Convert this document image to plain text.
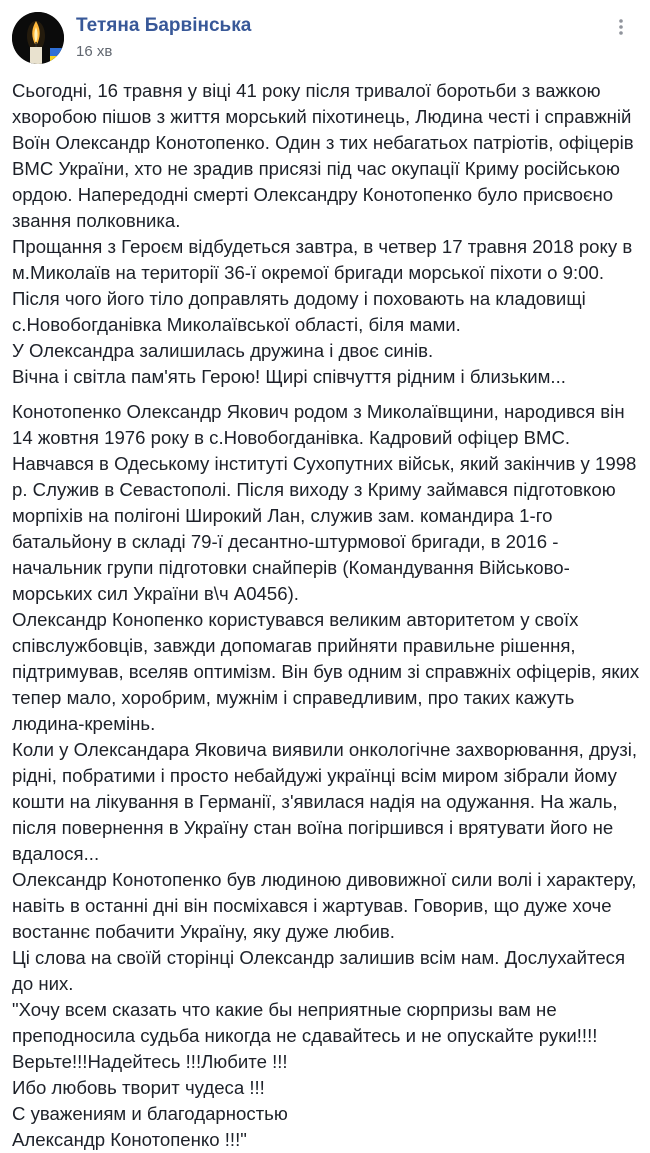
Тетяна Барвінська
16 хв

Сьогодні, 16 травня у віці 41 року після тривалої боротьби з важкою

хворобою пішов з життя морський піхотинець, Людина честі і справжній

Воїн Олександр Конотопенко. Один з тих небагатьох патріотів, офіцерів

ВМС України, хто не зрадив присязі під час окупації Криму російською

ордою. Напередодні смерті Олександру Конотопенко було присвоєно

звання полковника.

Прощання з Героєм відбудеться завтра, в четвер 17 травня 2018 року в

м.Миколаїв на території 36-ї окремої бригади морської піхоти о 9:00.

Після чого його тіло доправлять додому і поховають на кладовищі

с.Новобогданівка Миколаївської області, біля мами.

У Олександра залишилась дружина і двоє синів.

Вічна і світла пам'ять Герою! Щирі співчуття рідним і близьким...

Конотопенко Олександр Якович родом з Миколаївщини, народився він

14 жовтня 1976 року в с.Новобогданівка. Кадровий офіцер ВМС.

Навчався в Одеському інституті Сухопутних військ, який закінчив у 1998

р. Служив в Севастополі. Після виходу з Криму займався підготовкою

морпіхів на полігоні Широкий Лан, служив зам. командира 1-го

батальйону в складі 79-ї десантно-штурмової бригади, в 2016 -

начальник групи підготовки снайперів (Командування Військово-

морських сил України в\ч А0456).

Олександр Конопенко користувався великим авторитетом у своїх

співслужбовців, завжди допомагав прийняти правильне рішення,

підтримував, вселяв оптимізм. Він був одним зі справжніх офіцерів, яких

тепер мало, хоробрим, мужнім і справедливим, про таких кажуть

людина-кремінь.

Коли у Олександара Яковича виявили онкологічне захворювання, друзі,

рідні, побратими і просто небайдужі українці всім миром зібрали йому

кошти на лікування в Германії, з'явилася надія на одужання. На жаль,

після повернення в Україну стан воїна погіршився і врятувати його не

вдалося...

Олександр Конотопенко був людиною дивовижної сили волі і характеру,

навіть в останні дні він посміхався і жартував. Говорив, що дуже хоче

востаннє побачити Україну, яку дуже любив.

Ці слова на своїй сторінці Олександр залишив всім нам. Дослухайтеся

до них.

"Хочу всем сказать что какие бы неприятные сюрпризы вам не

преподносила судьба никогда не сдавайтесь и не опускайте руки!!!!

Верьте!!!Надейтесь !!!Любите !!!

Ибо любовь творит чудеса !!!

С уважениям и благодарностью

Александр Конотопенко !!!"
